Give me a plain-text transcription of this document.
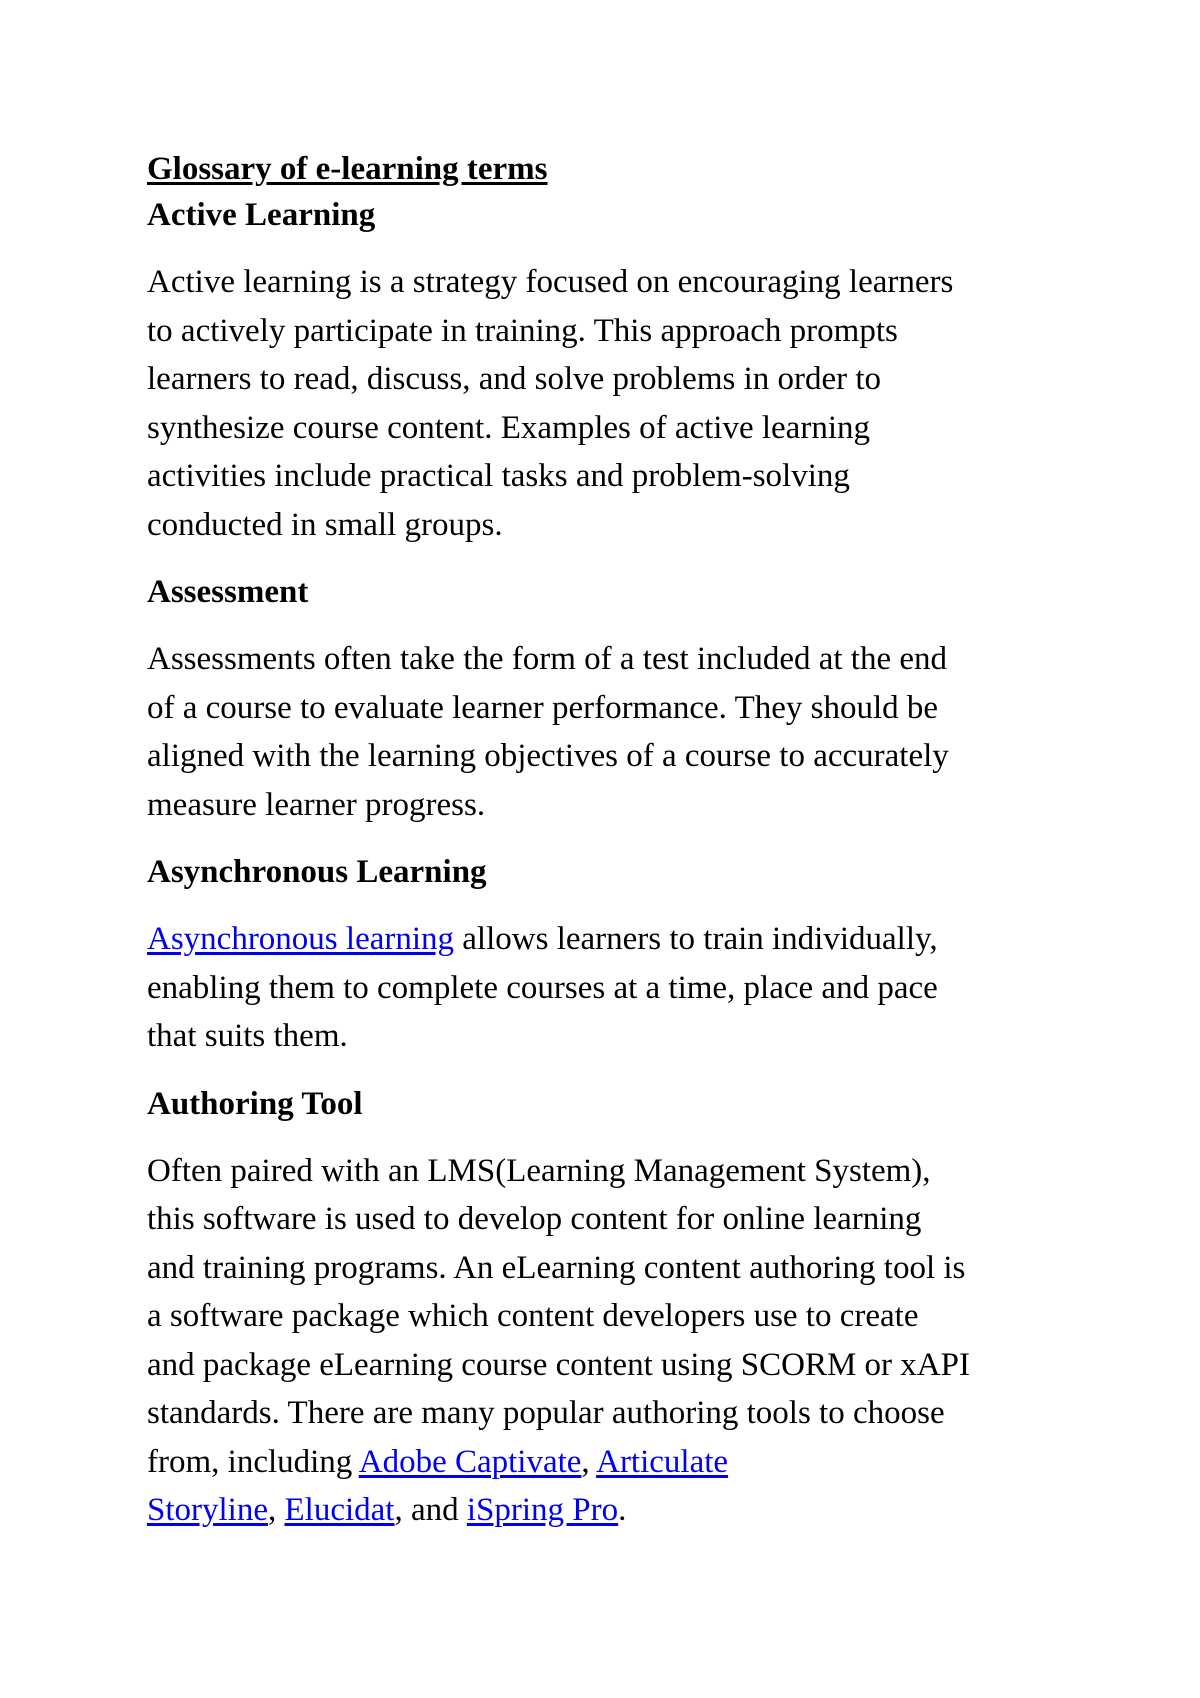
Glossary of e-learning terms
Active Learning

Active learning is a strategy focused on encouraging learners
to actively participate in training. This approach prompts
learners to read, discuss, and solve problems in order to
synthesize course content. Examples of active learning
activities include practical tasks and problem-solving
conducted in small groups.

Assessment

Assessments often take the form of a test included at the end
of a course to evaluate learner performance. They should be
aligned with the learning objectives of a course to accurately
measure learner progress.

Asynchronous Learning

Asynchronous learning allows learners to train individually,
enabling them to complete courses at a time, place and pace
that suits them.

Authoring Tool

Often paired with an LMS(Learning Management System),
this software is used to develop content for online learning
and training programs. An eLearning content authoring tool is
a software package which content developers use to create
and package eLearning course content using SCORM or xAPI
standards. There are many popular authoring tools to choose
from, including Adobe Captivate, Articulate
Storyline, Elucidat, and iSpring Pro.
